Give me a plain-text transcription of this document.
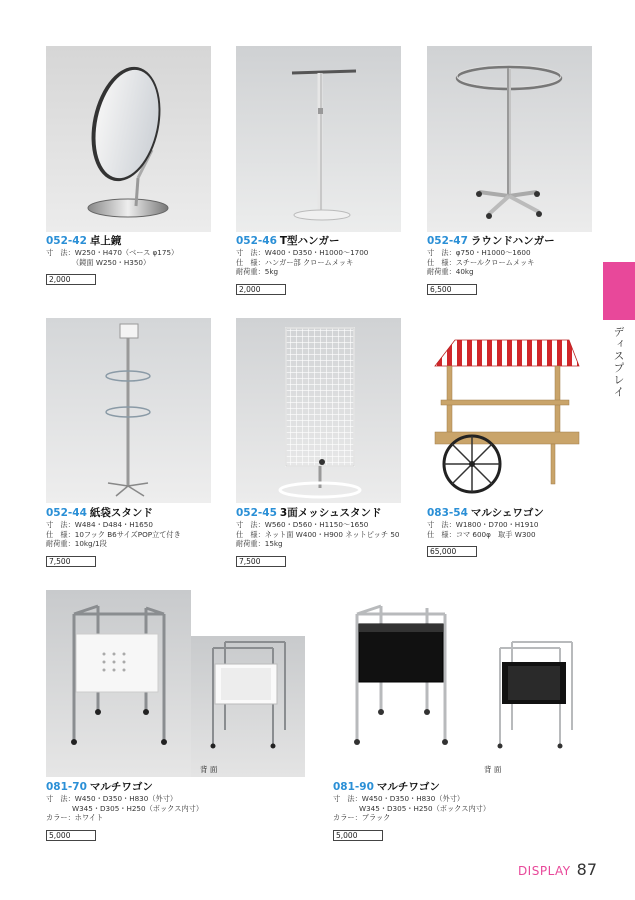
052-42 卓上鏡
寸　法：W250・H470（ベース φ175）
（鏡面 W250・H350）
2,000
052-46 T型ハンガー
寸　法：W400・D350・H1000〜1700
仕　様：ハンガー部 クロームメッキ
耐荷重：5kg
2,000
052-47 ラウンドハンガー
寸　法：φ750・H1000〜1600
仕　様：スチールクロームメッキ
耐荷重：40kg
6,500
052-44 紙袋スタンド
寸　法：W484・D484・H1650
仕　様：10フック B6サイズPOP立て付き
耐荷重：10kg/1段
7,500
052-45 3面メッシュスタンド
寸　法：W560・D560・H1150〜1650
仕　様：ネット面 W400・H900 ネットピッチ 50
耐荷重：15kg
7,500
083-54 マルシェワゴン
寸　法：W1800・D700・H1910
仕　様：コマ 600φ　取手 W300
65,000
背 面
081-70 マルチワゴン
寸　法：W450・D350・H830（外寸）
W345・D305・H250（ボックス内寸）
カラー：ホワイト
5,000
背 面
081-90 マルチワゴン
寸　法：W450・D350・H830（外寸）
W345・D305・H250（ボックス内寸）
カラー：ブラック
5,000
ディスプレイ
DISPLAY 87
